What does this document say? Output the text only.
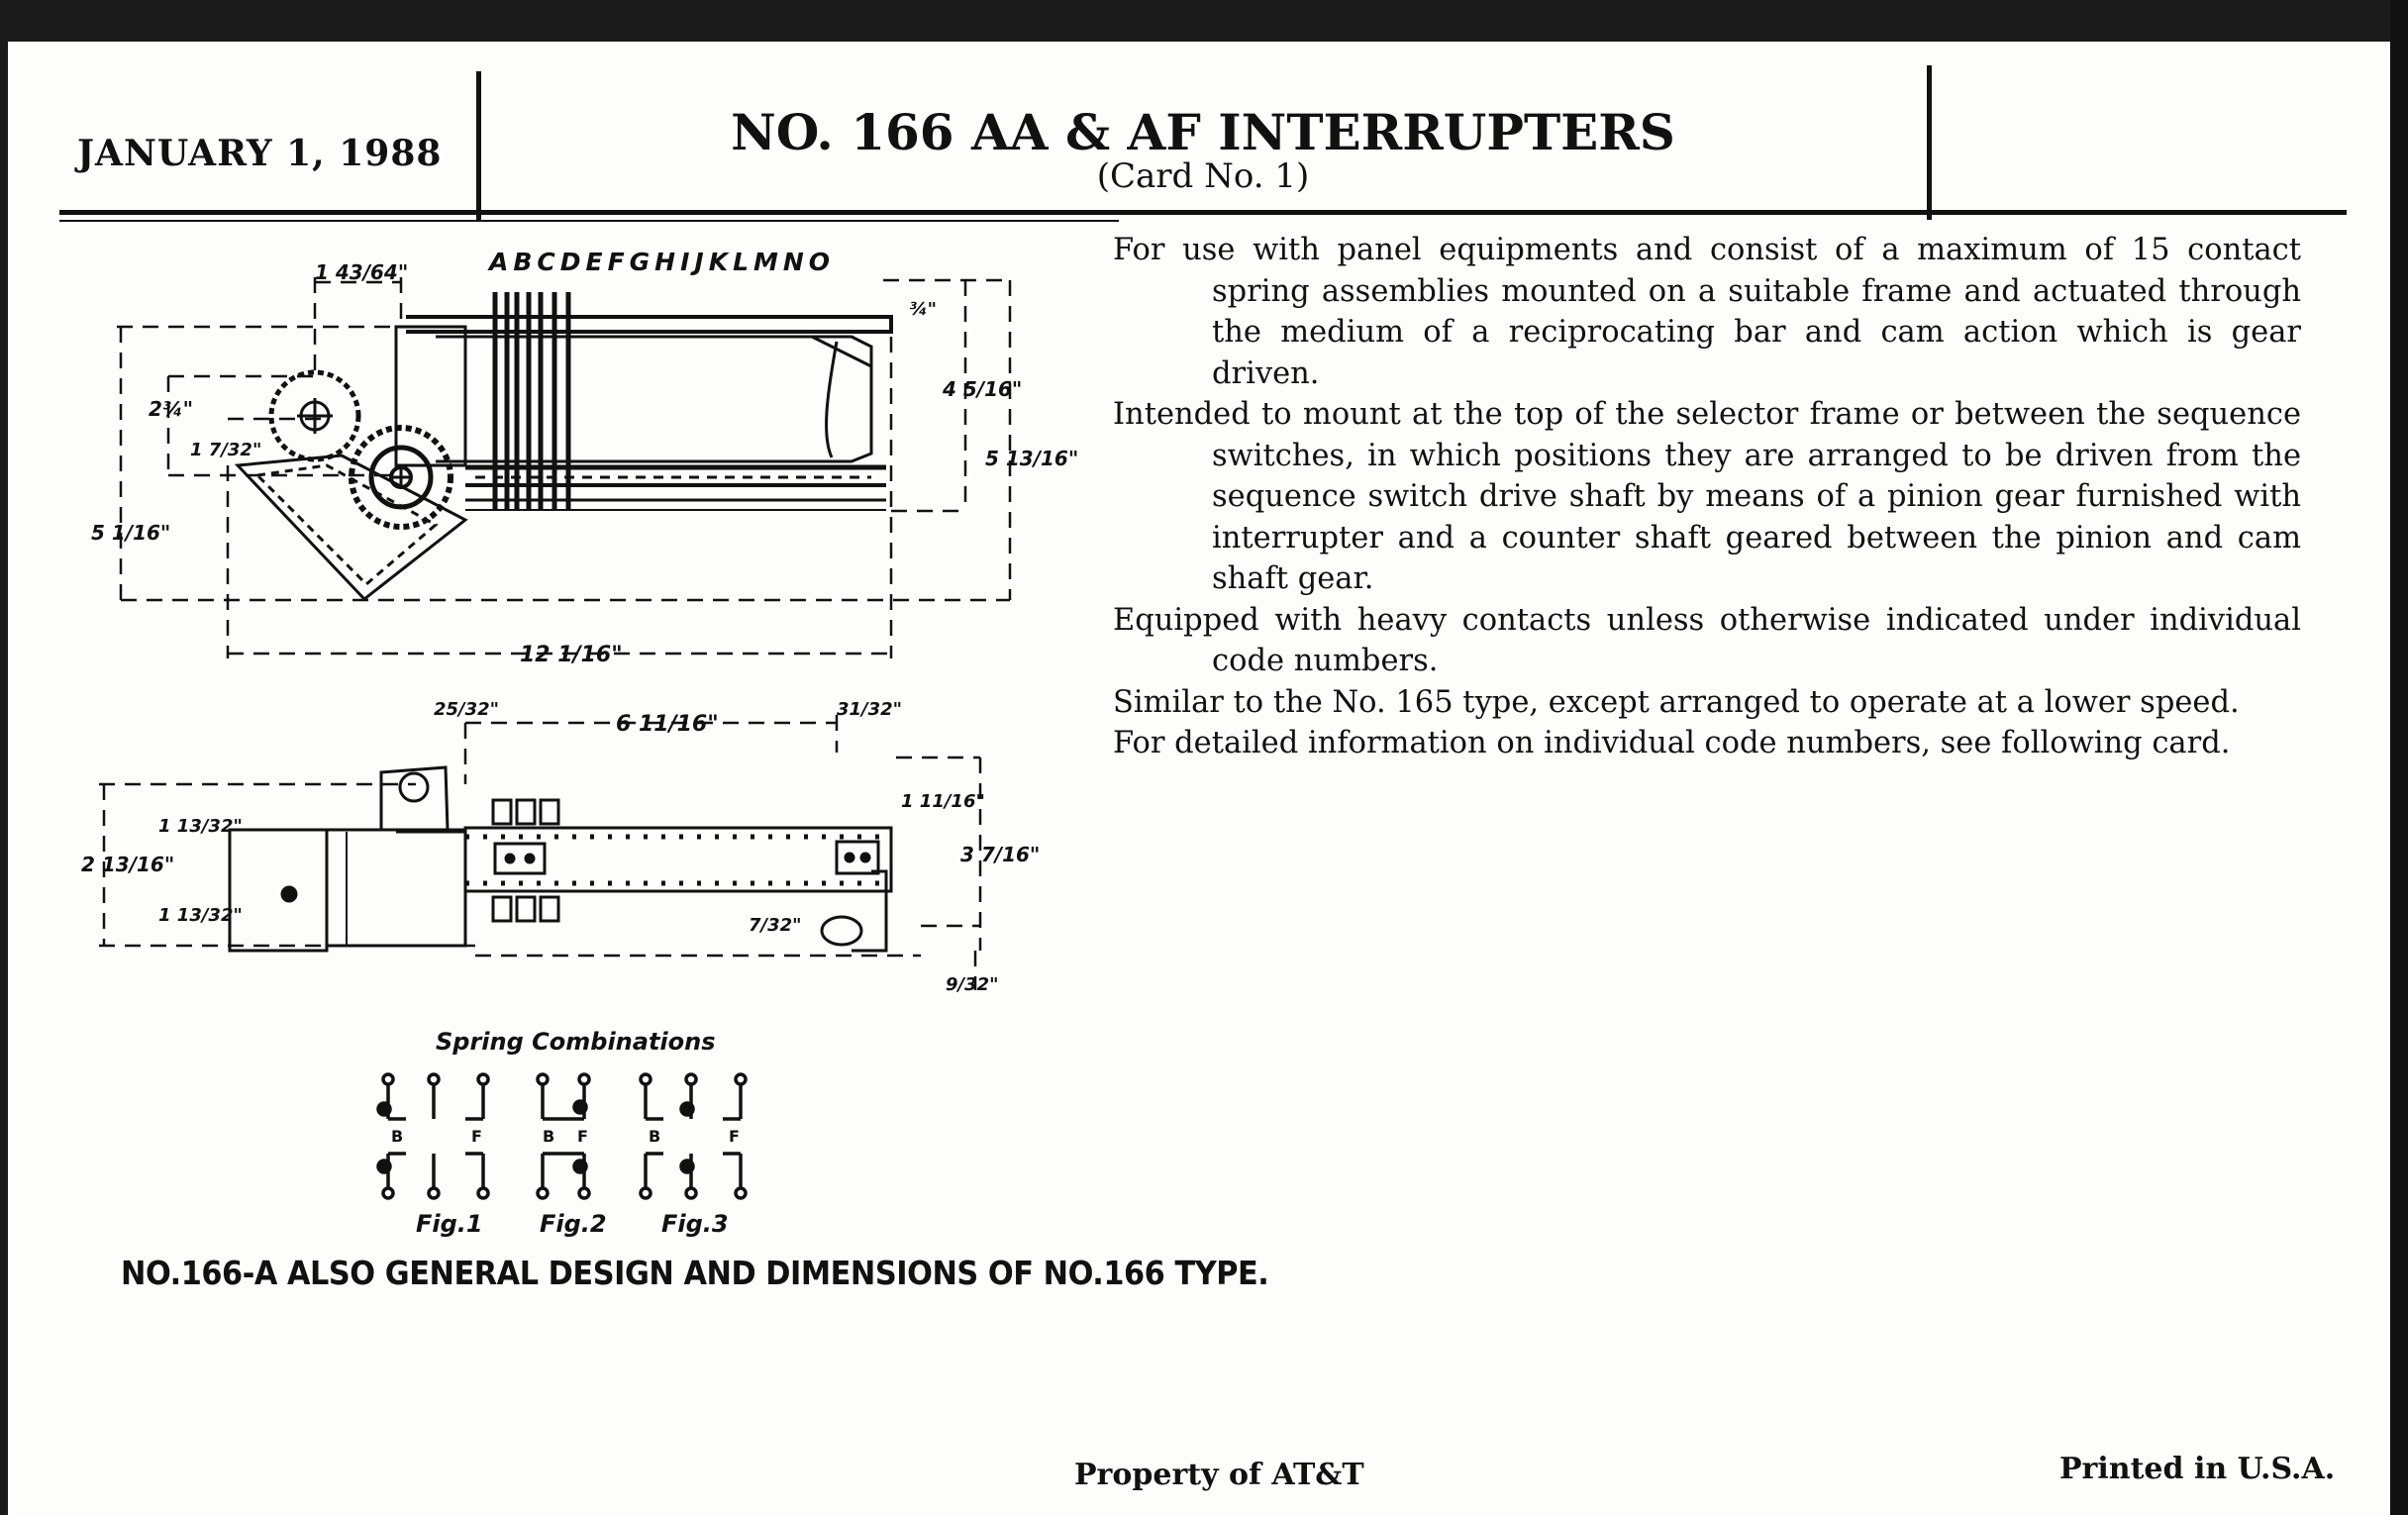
JANUARY 1, 1988	NO. 166 AA & AF INTERRUPTERS
(Card No. 1)

For use with panel equipments and consist of a maximum of 15 contact spring assemblies mounted on a suitable frame and actuated through the medium of a reciprocating bar and cam action which is gear driven.

Intended to mount at the top of the selector frame or between the sequence switches, in which positions they are arranged to be driven from the sequence switch drive shaft by means of a pinion gear furnished with interrupter and a counter shaft geared between the pinion and cam shaft gear.

Equipped with heavy contacts unless otherwise indicated under individual code numbers.

Similar to the No. 165 type, except arranged to operate at a lower speed.

For detailed information on individual code numbers, see following card.

1 43/64"
2¾"
1 7/32"
5 1/16"
12 1/16"
4 5/16"
5 13/16"
¾"
25/32"
6 11/16"
31/32"
2 13/16"
1 13/32"
1 13/32"
1 11/16"
3 7/16"
7/32"
9/32"
B	F	B F	B	F
ABCDEFGHIJKLMNO
Spring Combinations
Fig.1 Fig.2 Fig.3
NO.166-A ALSO GENERAL DESIGN AND DIMENSIONS OF NO.166 TYPE.
Property of AT&T	Printed in U.S.A.
